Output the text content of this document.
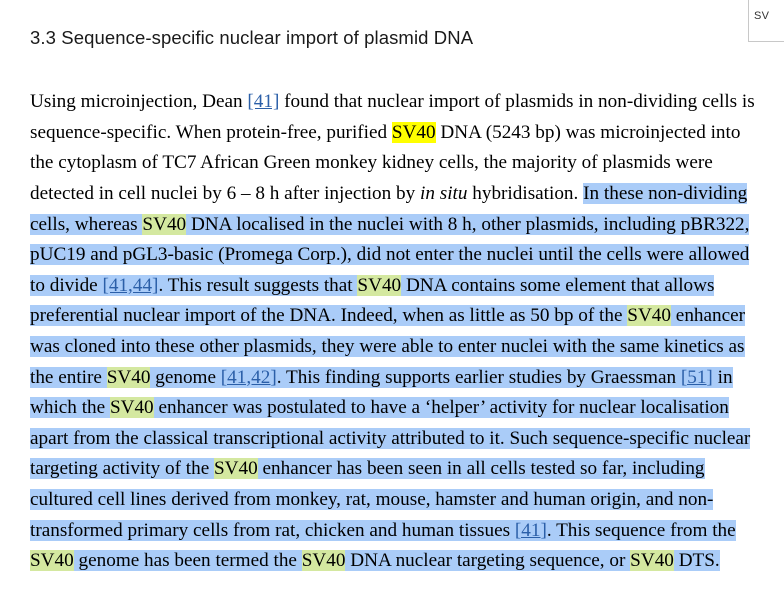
3.3 Sequence-specific nuclear import of plasmid DNA

Using microinjection, Dean [41] found that nuclear import of plasmids in non-dividing cells is sequence-specific. When protein-free, purified SV40 DNA (5243 bp) was microinjected into the cytoplasm of TC7 African Green monkey kidney cells, the majority of plasmids were detected in cell nuclei by 6 – 8 h after injection by in situ hybridisation. In these non-dividing cells, whereas SV40 DNA localised in the nuclei with 8 h, other plasmids, including pBR322, pUC19 and pGL3-basic (Promega Corp.), did not enter the nuclei until the cells were allowed to divide [41,44]. This result suggests that SV40 DNA contains some element that allows preferential nuclear import of the DNA. Indeed, when as little as 50 bp of the SV40 enhancer was cloned into these other plasmids, they were able to enter nuclei with the same kinetics as the entire SV40 genome [41,42]. This finding supports earlier studies by Graessman [51] in which the SV40 enhancer was postulated to have a ‘helper’ activity for nuclear localisation apart from the classical transcriptional activity attributed to it. Such sequence-specific nuclear targeting activity of the SV40 enhancer has been seen in all cells tested so far, including cultured cell lines derived from monkey, rat, mouse, hamster and human origin, and non-transformed primary cells from rat, chicken and human tissues [41]. This sequence from the SV40 genome has been termed the SV40 DNA nuclear targeting sequence, or SV40 DTS.

SV
